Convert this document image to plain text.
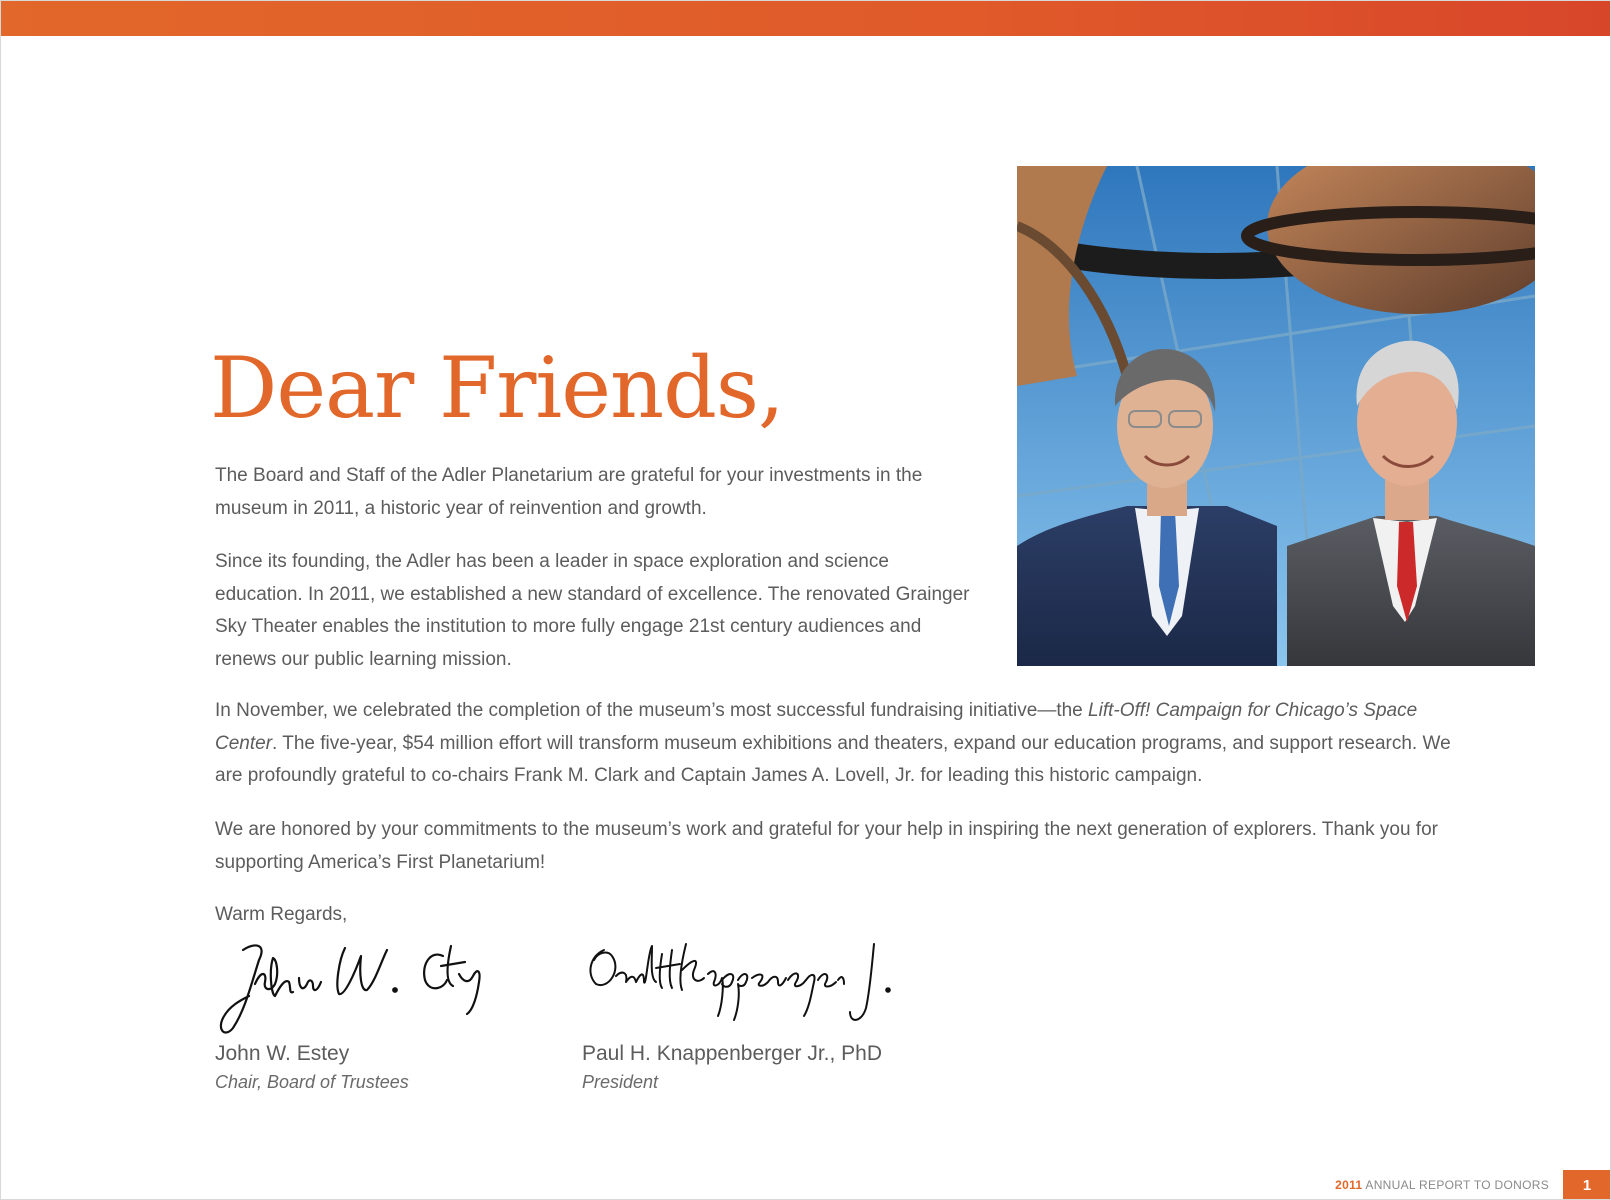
Dear Friends,

The Board and Staff of the Adler Planetarium are grateful for your investments in the museum in 2011, a historic year of reinvention and growth.

Since its founding, the Adler has been a leader in space exploration and science education. In 2011, we established a new standard of excellence. The renovated Grainger Sky Theater enables the institution to more fully engage 21st century audiences and renews our public learning mission.

In November, we celebrated the completion of the museum’s most successful fundraising initiative—the Lift-Off! Campaign for Chicago’s Space Center. The five-year, $54 million effort will transform museum exhibitions and theaters, expand our education programs, and support research. We are profoundly grateful to co-chairs Frank M. Clark and Captain James A. Lovell, Jr. for leading this historic campaign.

We are honored by your commitments to the museum’s work and grateful for your help in inspiring the next generation of explorers. Thank you for supporting America’s First Planetarium!

Warm Regards,

John W. Estey
Chair, Board of Trustees
Paul H. Knappenberger Jr., PhD
President
2011 ANNUAL REPORT TO DONORS	1
